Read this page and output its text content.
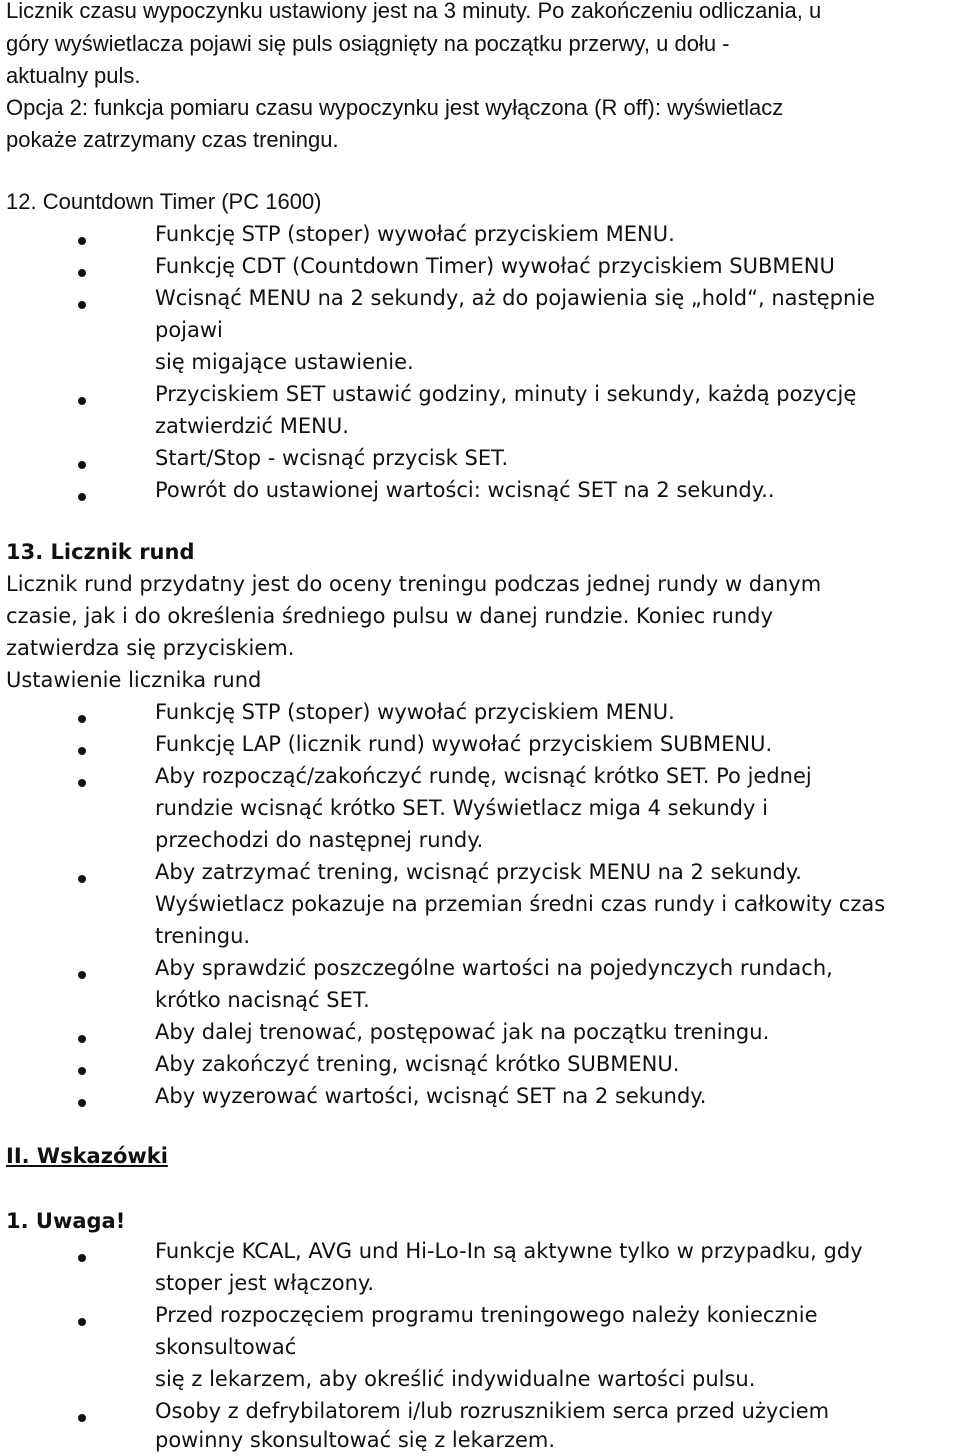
Licznik czasu wypoczynku ustawiony jest na 3 minuty. Po zakończeniu odliczania, u
góry wyświetlacza pojawi się puls osiągnięty na początku przerwy, u dołu -
aktualny puls.
Opcja 2: funkcja pomiaru czasu wypoczynku jest wyłączona (R off): wyświetlacz
pokaże zatrzymany czas treningu.
12. Countdown Timer (PC 1600)
Funkcję STP (stoper) wywołać przyciskiem MENU.
Funkcję CDT (Countdown Timer) wywołać przyciskiem SUBMENU
Wcisnąć MENU na 2 sekundy, aż do pojawienia się „hold“, następnie
pojawi
się migające ustawienie.
Przyciskiem SET ustawić godziny, minuty i sekundy, każdą pozycję
zatwierdzić MENU.
Start/Stop - wcisnąć przycisk SET.
Powrót do ustawionej wartości: wcisnąć SET na 2 sekundy..
13. Licznik rund
Licznik rund przydatny jest do oceny treningu podczas jednej rundy w danym
czasie, jak i do określenia średniego pulsu w danej rundzie. Koniec rundy
zatwierdza się przyciskiem.
Ustawienie licznika rund
Funkcję STP (stoper) wywołać przyciskiem MENU.
Funkcję LAP (licznik rund) wywołać przyciskiem SUBMENU.
Aby rozpocząć/zakończyć rundę, wcisnąć krótko SET. Po jednej
rundzie wcisnąć krótko SET. Wyświetlacz miga 4 sekundy i
przechodzi do następnej rundy.
Aby zatrzymać trening, wcisnąć przycisk MENU na 2 sekundy.
Wyświetlacz pokazuje na przemian średni czas rundy i całkowity czas
treningu.
Aby sprawdzić poszczególne wartości na pojedynczych rundach,
krótko nacisnąć SET.
Aby dalej trenować, postępować jak na początku treningu.
Aby zakończyć trening, wcisnąć krótko SUBMENU.
Aby wyzerować wartości, wcisnąć SET na 2 sekundy.
II. Wskazówki
1. Uwaga!
Funkcje KCAL, AVG und Hi-Lo-In są aktywne tylko w przypadku, gdy
stoper jest włączony.
Przed rozpoczęciem programu treningowego należy koniecznie
skonsultować
się z lekarzem, aby określić indywidualne wartości pulsu.
Osoby z defrybilatorem i/lub rozrusznikiem serca przed użyciem
powinny skonsultować się z lekarzem.
